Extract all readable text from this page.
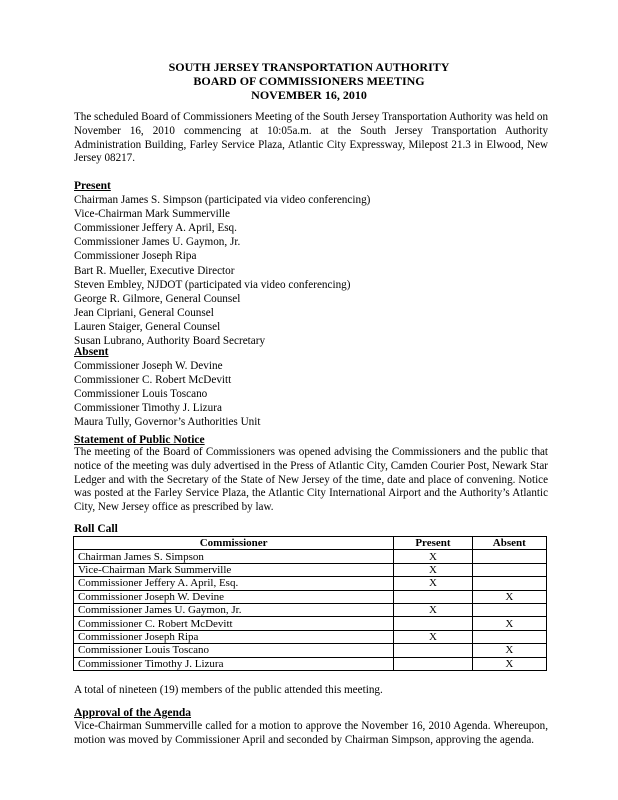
SOUTH JERSEY TRANSPORTATION AUTHORITY
BOARD OF COMMISSIONERS MEETING
NOVEMBER 16, 2010
The scheduled Board of Commissioners Meeting of the South Jersey Transportation Authority was held on November 16, 2010 commencing at 10:05a.m. at the South Jersey Transportation Authority Administration Building, Farley Service Plaza, Atlantic City Expressway, Milepost 21.3 in Elwood, New Jersey 08217.
Present
Chairman James S. Simpson (participated via video conferencing)
Vice-Chairman Mark Summerville
Commissioner Jeffery A. April, Esq.
Commissioner James U. Gaymon, Jr.
Commissioner Joseph Ripa
Bart R. Mueller, Executive Director
Steven Embley, NJDOT (participated via video conferencing)
George R. Gilmore, General Counsel
Jean Cipriani, General Counsel
Lauren Staiger, General Counsel
Susan Lubrano, Authority Board Secretary
Absent
Commissioner Joseph W. Devine
Commissioner C. Robert McDevitt
Commissioner Louis Toscano
Commissioner Timothy J. Lizura
Maura Tully, Governor’s Authorities Unit
Statement of Public Notice
The meeting of the Board of Commissioners was opened advising the Commissioners and the public that notice of the meeting was duly advertised in the Press of Atlantic City, Camden Courier Post, Newark Star Ledger and with the Secretary of the State of New Jersey of the time, date and place of convening. Notice was posted at the Farley Service Plaza, the Atlantic City International Airport and the Authority’s Atlantic City, New Jersey office as prescribed by law.
Roll Call
Commissioner	Present	Absent
Chairman James S. Simpson	X	
Vice-Chairman Mark Summerville	X	
Commissioner Jeffery A. April, Esq.	X	
Commissioner Joseph W. Devine		X
Commissioner James U. Gaymon, Jr.	X	
Commissioner C. Robert McDevitt		X
Commissioner Joseph Ripa	X	
Commissioner Louis Toscano		X
Commissioner Timothy J. Lizura		X
A total of nineteen (19) members of the public attended this meeting.
Approval of the Agenda
Vice-Chairman Summerville called for a motion to approve the November 16, 2010 Agenda. Whereupon, motion was moved by Commissioner April and seconded by Chairman Simpson, approving the agenda.
